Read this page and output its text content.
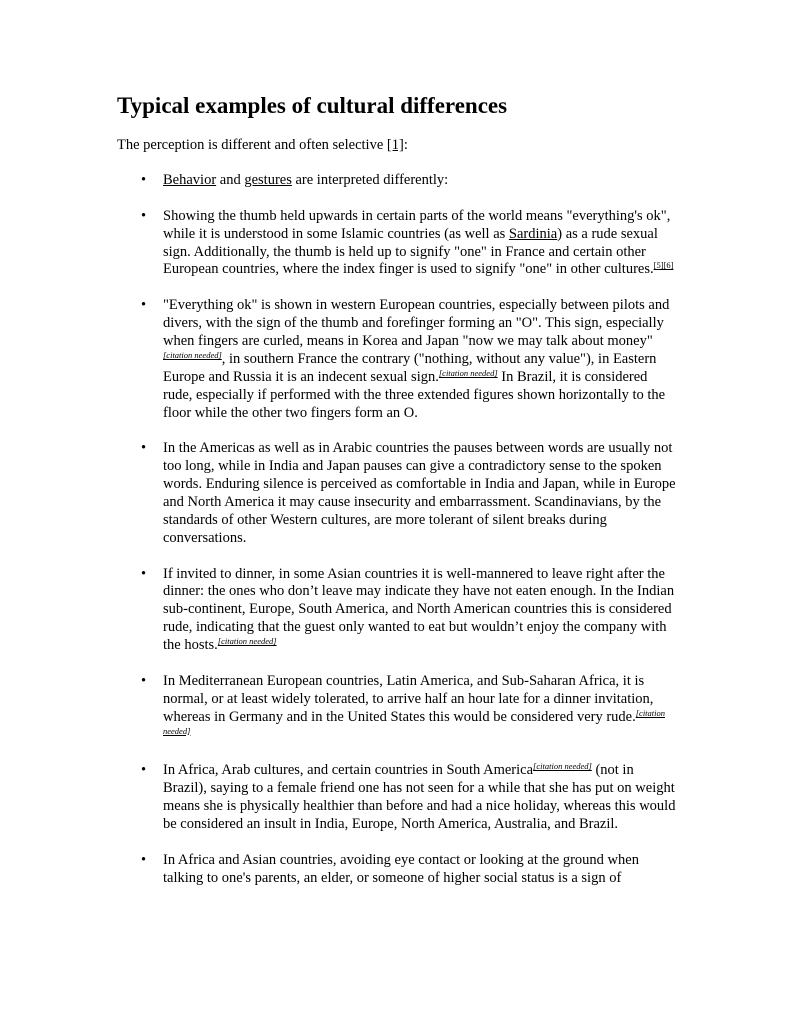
Typical examples of cultural differences

The perception is different and often selective [1]:

• Behavior and gestures are interpreted differently:
• Showing the thumb held upwards in certain parts of the world means "everything's ok", while it is understood in some Islamic countries (as well as Sardinia) as a rude sexual sign. Additionally, the thumb is held up to signify "one" in France and certain other European countries, where the index finger is used to signify "one" in other cultures.[5][6]
• "Everything ok" is shown in western European countries, especially between pilots and divers, with the sign of the thumb and forefinger forming an "O". This sign, especially when fingers are curled, means in Korea and Japan "now we may talk about money"[citation needed], in southern France the contrary ("nothing, without any value"), in Eastern Europe and Russia it is an indecent sexual sign.[citation needed] In Brazil, it is considered rude, especially if performed with the three extended figures shown horizontally to the floor while the other two fingers form an O.
• In the Americas as well as in Arabic countries the pauses between words are usually not too long, while in India and Japan pauses can give a contradictory sense to the spoken words. Enduring silence is perceived as comfortable in India and Japan, while in Europe and North America it may cause insecurity and embarrassment. Scandinavians, by the standards of other Western cultures, are more tolerant of silent breaks during conversations.
• If invited to dinner, in some Asian countries it is well-mannered to leave right after the dinner: the ones who don’t leave may indicate they have not eaten enough. In the Indian sub-continent, Europe, South America, and North American countries this is considered rude, indicating that the guest only wanted to eat but wouldn’t enjoy the company with the hosts.[citation needed]
• In Mediterranean European countries, Latin America, and Sub-Saharan Africa, it is normal, or at least widely tolerated, to arrive half an hour late for a dinner invitation, whereas in Germany and in the United States this would be considered very rude.[citation needed]
• In Africa, Arab cultures, and certain countries in South America[citation needed] (not in Brazil), saying to a female friend one has not seen for a while that she has put on weight means she is physically healthier than before and had a nice holiday, whereas this would be considered an insult in India, Europe, North America, Australia, and Brazil.
• In Africa and Asian countries, avoiding eye contact or looking at the ground when talking to one's parents, an elder, or someone of higher social status is a sign of
